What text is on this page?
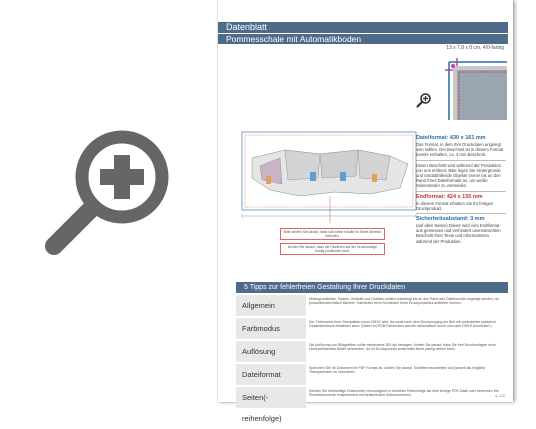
Datenblatt
Pommesschale mit Automatikboden
13 x 7,8 x 8 cm, 4/0-farbig
Dateiformat: 430 x 161 mm
Das Format, in dem Ihre Druckdaten angelegt sein sollten. Der Beschnitt ist in diesem Format bereits enthalten, ca. 3 mm Beschnitt.
Dieser Beschnitt wird während der Produktion von uns entfernt. Bitte legen Sie Hintergründe und randabfallende Objekte immer bis an den Rand Ihres Dateiformats an, um weiße Seitenränder zu vermeiden.
Endformat: 424 x 155 mm
In diesem Format erhalten Sie Ihr fertiges Druckprodukt.
Sicherheitsabstand: 3 mm
(auf allen Seiten) Dieser wird vom Endformat aus gemessen und verhindert unerwünschten Beschnitt Ihrer Texte und Informationen während der Produktion.
Bitte achten Sie darauf, dass sich keine Inhalte im Klebe-Bereich befinden.
Achten Sie darauf, dass die Falzlinien auf der Druckvorlage richtig positioniert sind.
5 Tipps zur fehlerfreien Gestaltung Ihrer Druckdaten
Allgemein
Hintergrundbilder, Farben, Verläufe und Grafiken sollten unbedingt bis an den Rand des Dateiformats angelegt werden, da produktionstechnisch kleinere Toleranzen beim Schneiden Ihres Druckproduktes auftreten können.
Farbmodus
Der Farbmodus Ihrer Druckdaten muss CMYK sein, da sonst nach dem Druckvorgang ein Bild mit veränderten optischen Gesamteindruck entstehen kann. (Daten im RGB-Farbmodus werden automatisch durch uns nach CMYK konvertiert.)
Auflösung
Die Auflösung von Bildgrafiken sollte mindestens 300 dpi betragen. Achten Sie darauf, dass Sie Ihre Druckvorlagen ohne Hochauflösendes Bilder verwenden, da Ihr Druckprodukt andernfalls leicht pixelig wirken kann.
Dateiformat
Speichern Sie Ihr Dokument im PDF Format ab. Achten Sie darauf, Schriften einzubetten und (soweit als möglich) Transparenzen zu reduzieren.
Seiten(-reihenfolge)
Senden Sie mehrseitige Dokumente chronologisch in korrekter Reihenfolge als eine einzige PDF-Datei oder benennen Sie Einzeldokumente entsprechend mit fortlaufenden Seitennummern.	s. 1/2
